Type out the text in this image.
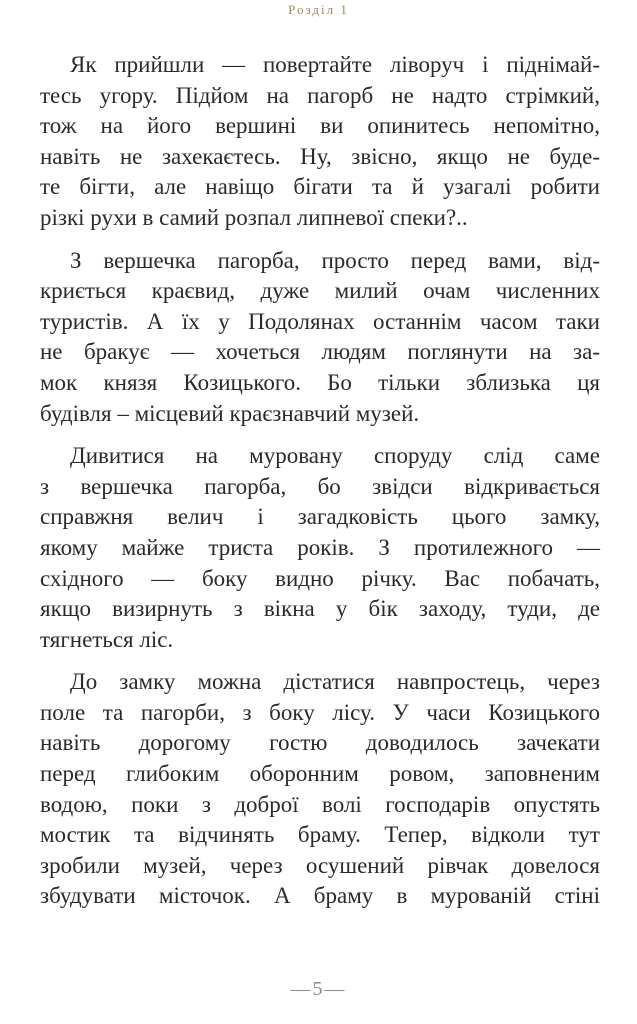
Розділ 1
Як прийшли — повертайте ліворуч і піднімай-
тесь угору. Підйом на пагорб не надто стрімкий,
тож на його вершині ви опинитесь непомітно,
навіть не захекаєтесь. Ну, звісно, якщо не буде-
те бігти, але навіщо бігати та й узагалі робити
різкі рухи в самий розпал липневої спеки?..
З вершечка пагорба, просто перед вами, від-
криється краєвид, дуже милий очам численних
туристів. А їх у Подолянах останнім часом таки
не бракує — хочеться людям поглянути на за-
мок князя Козицького. Бо тільки зблизька ця
будівля – місцевий краєзнавчий музей.
Дивитися на муровану споруду слід саме
з вершечка пагорба, бо звідси відкривається
справжня велич і загадковість цього замку,
якому майже триста років. З протилежного —
східного — боку видно річку. Вас побачать,
якщо визирнуть з вікна у бік заходу, туди, де
тягнеться ліс.
До замку можна дістатися навпростець, через
поле та пагорби, з боку лісу. У часи Козицького
навіть дорогому гостю доводилось зачекати
перед глибоким оборонним ровом, заповненим
водою, поки з доброї волі господарів опустять
мостик та відчинять браму. Тепер, відколи тут
зробили музей, через осушений рівчак довелося
збудувати місточок. А браму в мурованій стіні
—5—
